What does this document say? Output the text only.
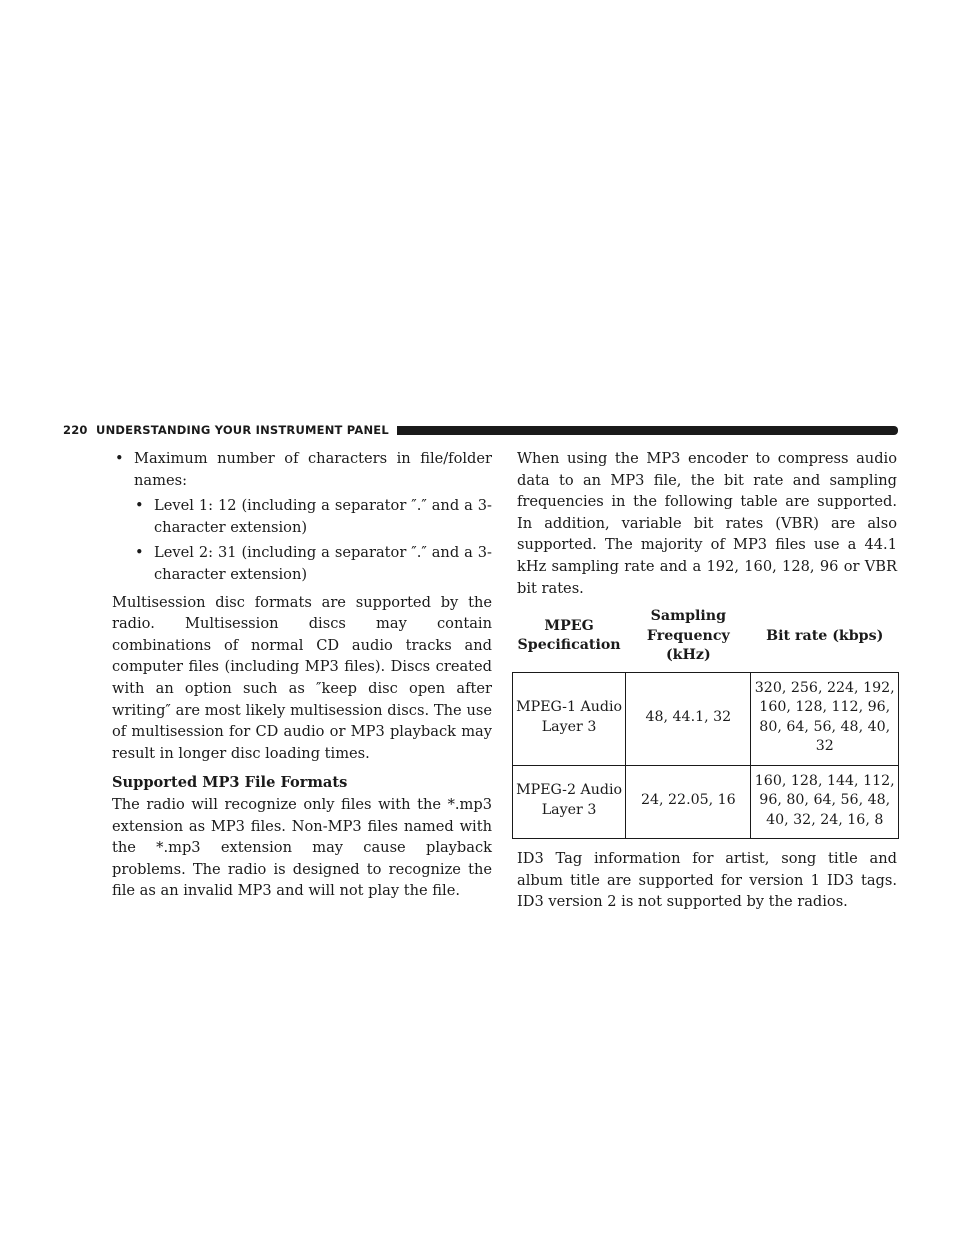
220 UNDERSTANDING YOUR INSTRUMENT PANEL
• Maximum number of characters in file/folder names:
• Level 1: 12 (including a separator ″.″ and a 3-character extension)
• Level 2: 31 (including a separator ″.″ and a 3-character extension)

Multisession disc formats are supported by the radio. Multisession discs may contain combinations of normal CD audio tracks and computer files (including MP3 files). Discs created with an option such as ″keep disc open after writing″ are most likely multisession discs. The use of multisession for CD audio or MP3 playback may result in longer disc loading times.

Supported MP3 File Formats

The radio will recognize only files with the *.mp3 extension as MP3 files. Non-MP3 files named with the *.mp3 extension may cause playback problems. The radio is designed to recognize the file as an invalid MP3 and will not play the file.

When using the MP3 encoder to compress audio data to an MP3 file, the bit rate and sampling frequencies in the following table are supported. In addition, variable bit rates (VBR) are also supported. The majority of MP3 files use a 44.1 kHz sampling rate and a 192, 160, 128, 96 or VBR bit rates.

MPEG Specification	Sampling Frequency (kHz)	Bit rate (kbps)
MPEG-1 Audio Layer 3	48, 44.1, 32	320, 256, 224, 192, 160, 128, 112, 96, 80, 64, 56, 48, 40, 32
MPEG-2 Audio Layer 3	24, 22.05, 16	160, 128, 144, 112, 96, 80, 64, 56, 48, 40, 32, 24, 16, 8

ID3 Tag information for artist, song title and album title are supported for version 1 ID3 tags. ID3 version 2 is not supported by the radios.
